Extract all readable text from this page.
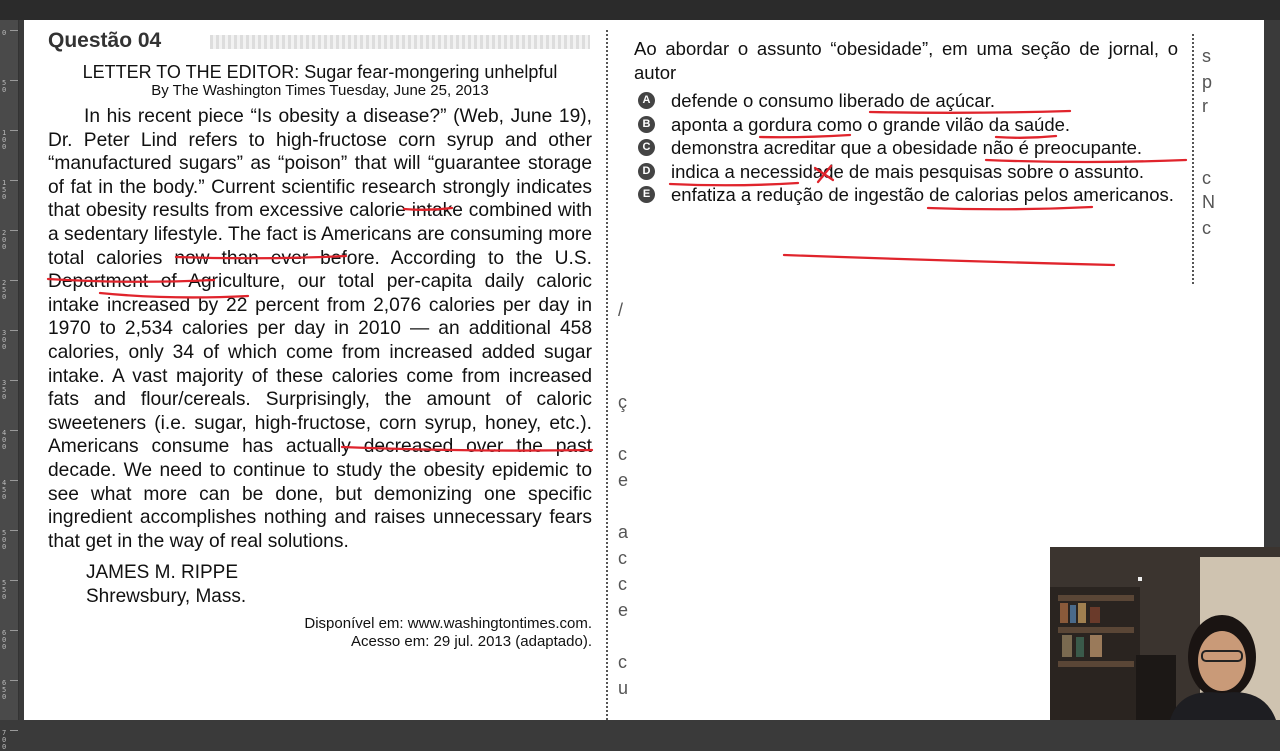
0
50
100
150
200
250
300
350
400
450
500
550
600
650
700
Questão 04
LETTER TO THE EDITOR: Sugar fear-mongering unhelpful
By The Washington Times Tuesday, June 25, 2013
In his recent piece “Is obesity a disease?” (Web, June 19), Dr. Peter Lind refers to high-fructose corn syrup and other “manufactured sugars” as “poison” that will “guarantee storage of fat in the body.” Current scientific research strongly indicates that obesity results from excessive calorie intake combined with a sedentary lifestyle. The fact is Americans are consuming more total calories now than ever before. According to the U.S. Department of Agriculture, our total per-capita daily caloric intake increased by 22 percent from 2,076 calories per day in 1970 to 2,534 calories per day in 2010 — an additional 458 calories, only 34 of which come from increased added sugar intake. A vast majority of these calories come from increased fats and flour/cereals. Surprisingly, the amount of caloric sweeteners (i.e. sugar, high-fructose, corn syrup, honey, etc.). Americans consume has actually decreased over the past decade. We need to continue to study the obesity epidemic to see what more can be done, but demonizing one specific ingredient accomplishes nothing and raises unnecessary fears that get in the way of real solutions.
JAMES M. RIPPE
Shrewsbury, Mass.
Disponível em: www.washingtontimes.com.
Acesso em: 29 jul. 2013 (adaptado).
Ao abordar o assunto “obesidade”, em uma seção de jornal, o autor
A defende o consumo liberado de açúcar.
B aponta a gordura como o grande vilão da saúde.
C demonstra acreditar que a obesidade não é preocupante.
D indica a necessidade de mais pesquisas sobre o assunto.
E enfatiza a redução de ingestão de calorias pelos americanos.
/
ç
c
e
a
c
c
e
c
u
s
p
r
c
N
c
